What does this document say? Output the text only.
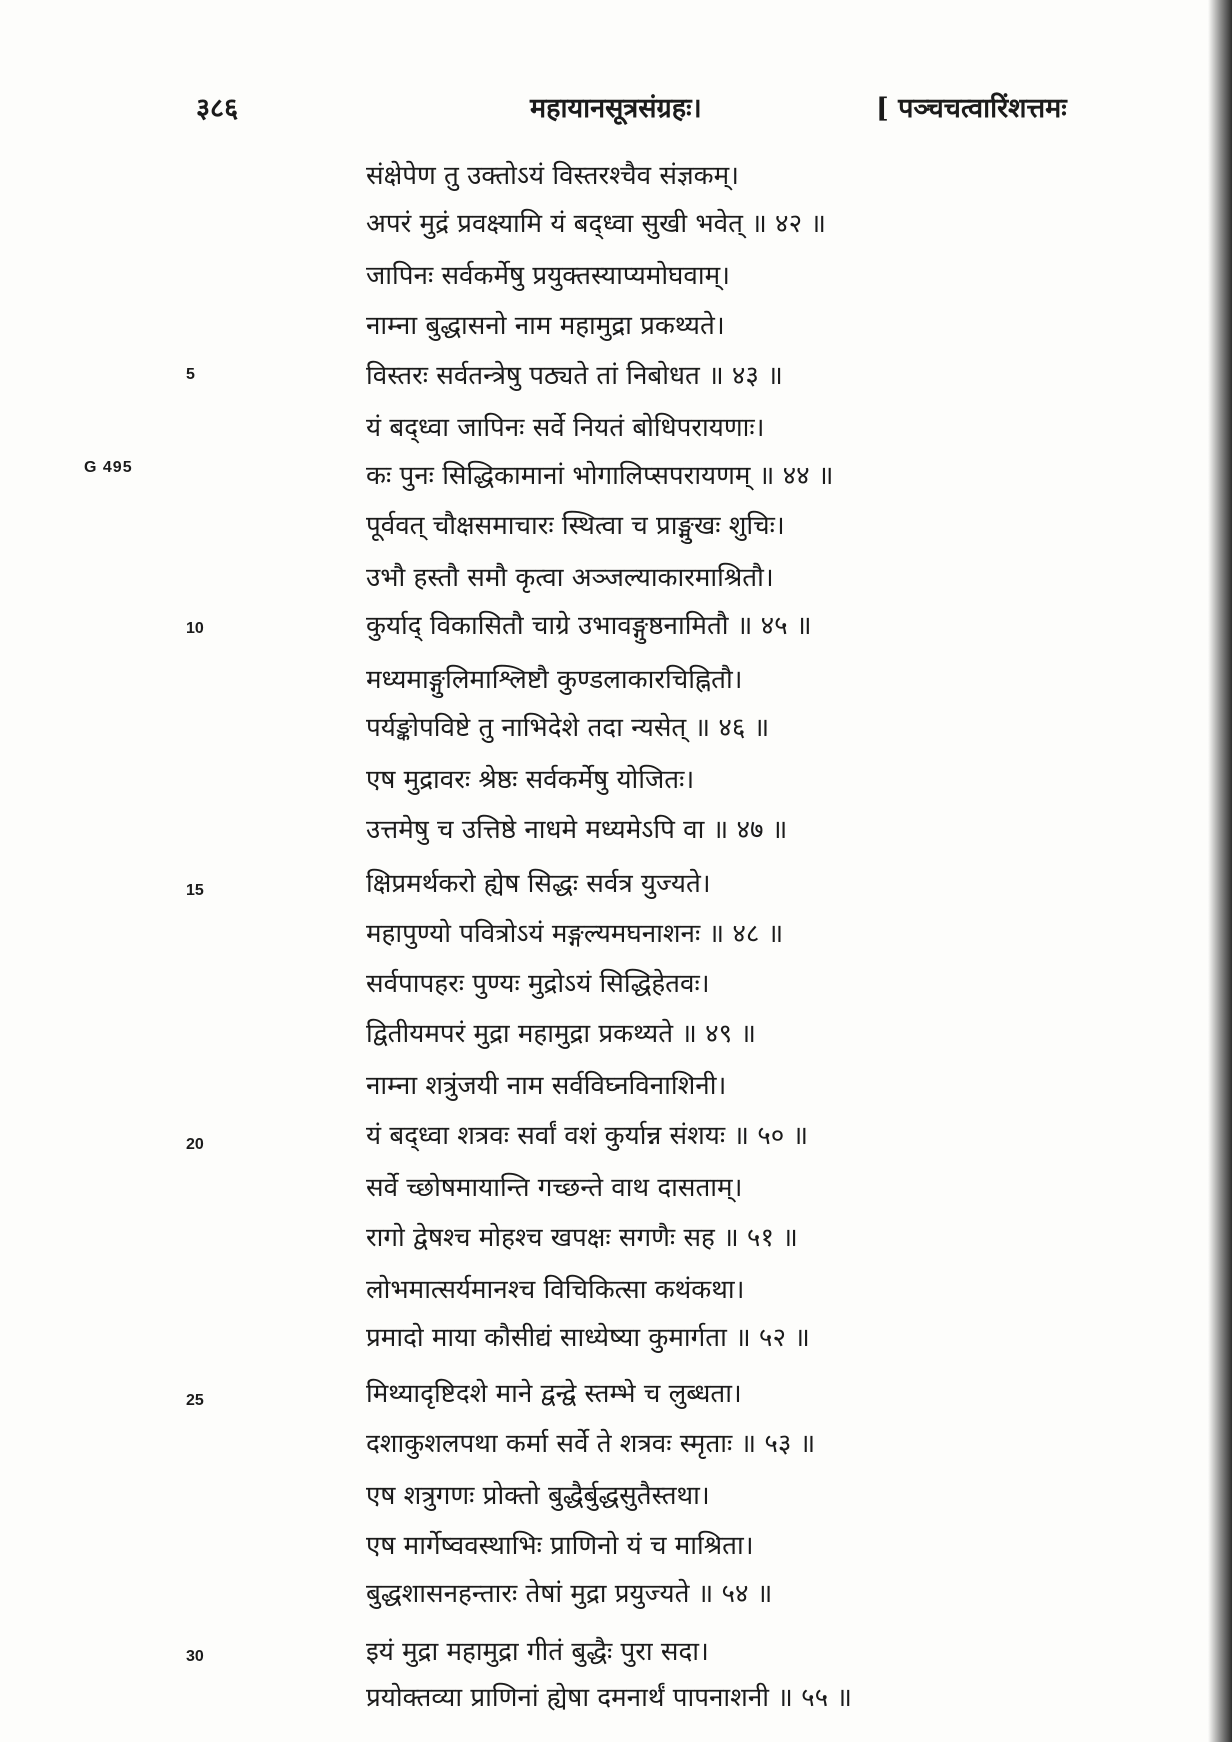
३८६	महायानसूत्रसंग्रहः।	[ पञ्चचत्वारिंशत्तमः
G 495
5
10
15
20
25
30
संक्षेपेण तु उक्तोऽयं विस्तरश्चैव संज्ञकम्।
अपरं मुद्रं प्रवक्ष्यामि यं बद्ध्वा सुखी भवेत् ॥ ४२ ॥
जापिनः सर्वकर्मेषु प्रयुक्तस्याप्यमोघवाम्।
नाम्ना बुद्धासनो नाम महामुद्रा प्रकथ्यते।
विस्तरः सर्वतन्त्रेषु पठ्यते तां निबोधत ॥ ४३ ॥
यं बद्ध्वा जापिनः सर्वे नियतं बोधिपरायणाः।
कः पुनः सिद्धिकामानां भोगालिप्सपरायणम् ॥ ४४ ॥
पूर्ववत् चौक्षसमाचारः स्थित्वा च प्राङ्मुखः शुचिः।
उभौ हस्तौ समौ कृत्वा अञ्जल्याकारमाश्रितौ।
कुर्याद् विकासितौ चाग्रे उभावङ्गुष्ठनामितौ ॥ ४५ ॥
मध्यमाङ्गुलिमाश्लिष्टौ कुण्डलाकारचिह्नितौ।
पर्यङ्कोपविष्टे तु नाभिदेशे तदा न्यसेत् ॥ ४६ ॥
एष मुद्रावरः श्रेष्ठः सर्वकर्मेषु योजितः।
उत्तमेषु च उत्तिष्ठे नाधमे मध्यमेऽपि वा ॥ ४७ ॥
क्षिप्रमर्थकरो ह्येष सिद्धः सर्वत्र युज्यते।
महापुण्यो पवित्रोऽयं मङ्गल्यमघनाशनः ॥ ४८ ॥
सर्वपापहरः पुण्यः मुद्रोऽयं सिद्धिहेतवः।
द्वितीयमपरं मुद्रा महामुद्रा प्रकथ्यते ॥ ४९ ॥
नाम्ना शत्रुंजयी नाम सर्वविघ्नविनाशिनी।
यं बद्ध्वा शत्रवः सर्वां वशं कुर्यान्न संशयः ॥ ५० ॥
सर्वे च्छोषमायान्ति गच्छन्ते वाथ दासताम्।
रागो द्वेषश्च मोहश्च खपक्षः सगणैः सह ॥ ५१ ॥
लोभमात्सर्यमानश्च विचिकित्सा कथंकथा।
प्रमादो माया कौसीद्यं साध्येष्या कुमार्गता ॥ ५२ ॥
मिथ्यादृष्टिदशे माने द्वन्द्वे स्तम्भे च लुब्धता।
दशाकुशलपथा कर्मा सर्वे ते शत्रवः स्मृताः ॥ ५३ ॥
एष शत्रुगणः प्रोक्तो बुद्धैर्बुद्धसुतैस्तथा।
एष मार्गेष्ववस्थाभिः प्राणिनो यं च माश्रिता।
बुद्धशासनहन्तारः तेषां मुद्रा प्रयुज्यते ॥ ५४ ॥
इयं मुद्रा महामुद्रा गीतं बुद्धैः पुरा सदा।
प्रयोक्तव्या प्राणिनां ह्येषा दमनार्थं पापनाशनी ॥ ५५ ॥
